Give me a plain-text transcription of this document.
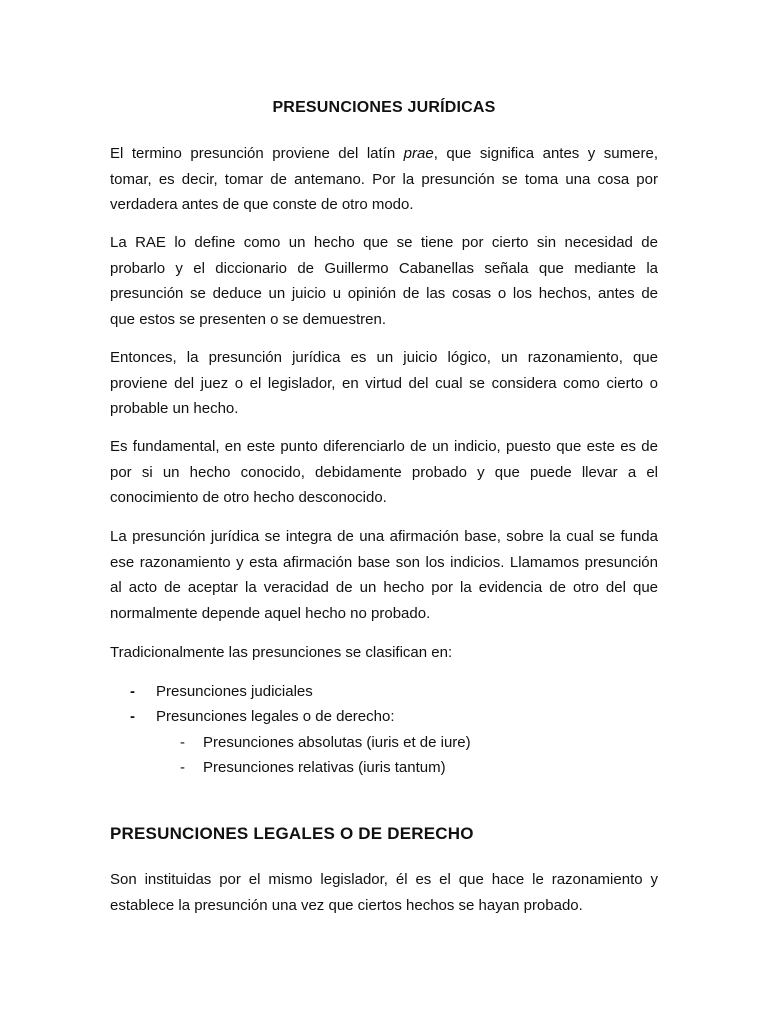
PRESUNCIONES JURÍDICAS

El termino presunción proviene del latín prae, que significa antes y sumere,
tomar, es decir, tomar de antemano. Por la presunción se toma una cosa por
verdadera antes de que conste de otro modo.

La RAE lo define como un hecho que se tiene por cierto sin necesidad de
probarlo y el diccionario de Guillermo Cabanellas señala que mediante la
presunción se deduce un juicio u opinión de las cosas o los hechos, antes de
que estos se presenten o se demuestren.

Entonces, la presunción jurídica es un juicio lógico, un razonamiento, que
proviene del juez o el legislador, en virtud del cual se considera como cierto o
probable un hecho.

Es fundamental, en este punto diferenciarlo de un indicio, puesto que este es de
por si un hecho conocido, debidamente probado y que puede llevar a el
conocimiento de otro hecho desconocido.

La presunción jurídica se integra de una afirmación base, sobre la cual se funda
ese razonamiento y esta afirmación base son los indicios. Llamamos presunción
al acto de aceptar la veracidad de un hecho por la evidencia de otro del que
normalmente depende aquel hecho no probado.

Tradicionalmente las presunciones se clasifican en:

- Presunciones judiciales
- Presunciones legales o de derecho:
- Presunciones absolutas (iuris et de iure)
- Presunciones relativas (iuris tantum)
PRESUNCIONES LEGALES O DE DERECHO

Son instituidas por el mismo legislador, él es el que hace le razonamiento y
establece la presunción una vez que ciertos hechos se hayan probado.
